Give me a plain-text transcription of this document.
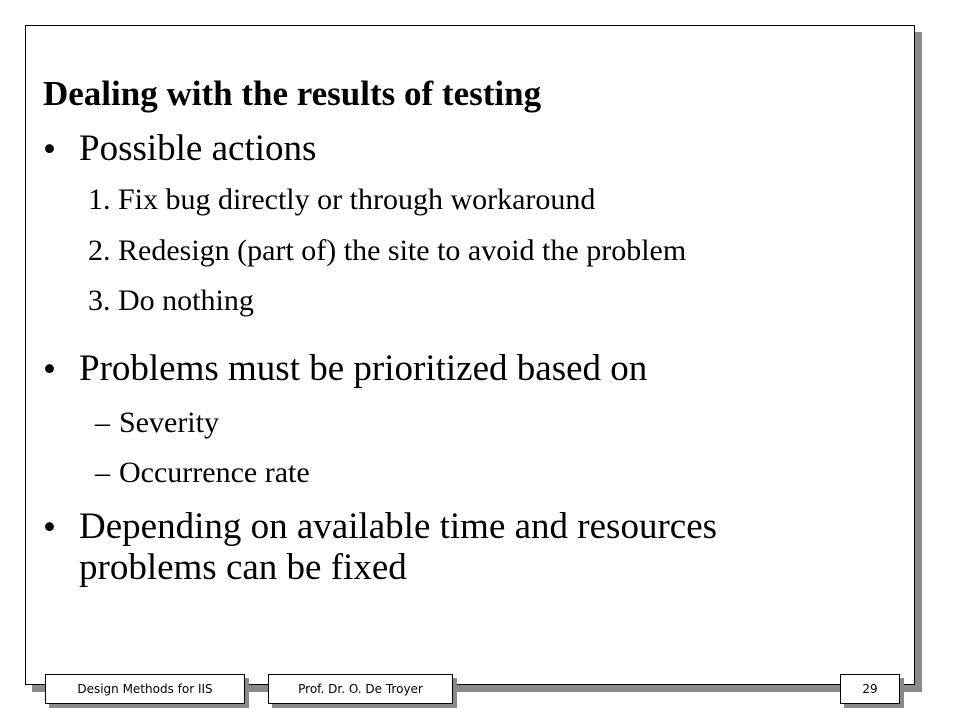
Dealing with the results of testing
• Possible actions
1. Fix bug directly or through workaround
2. Redesign (part of) the site to avoid the problem
3. Do nothing
• Problems must be prioritized based on
– Severity
– Occurrence rate
• Depending on available time and resources
problems can be fixed
Design Methods for IIS	Prof. Dr. O. De Troyer	29
